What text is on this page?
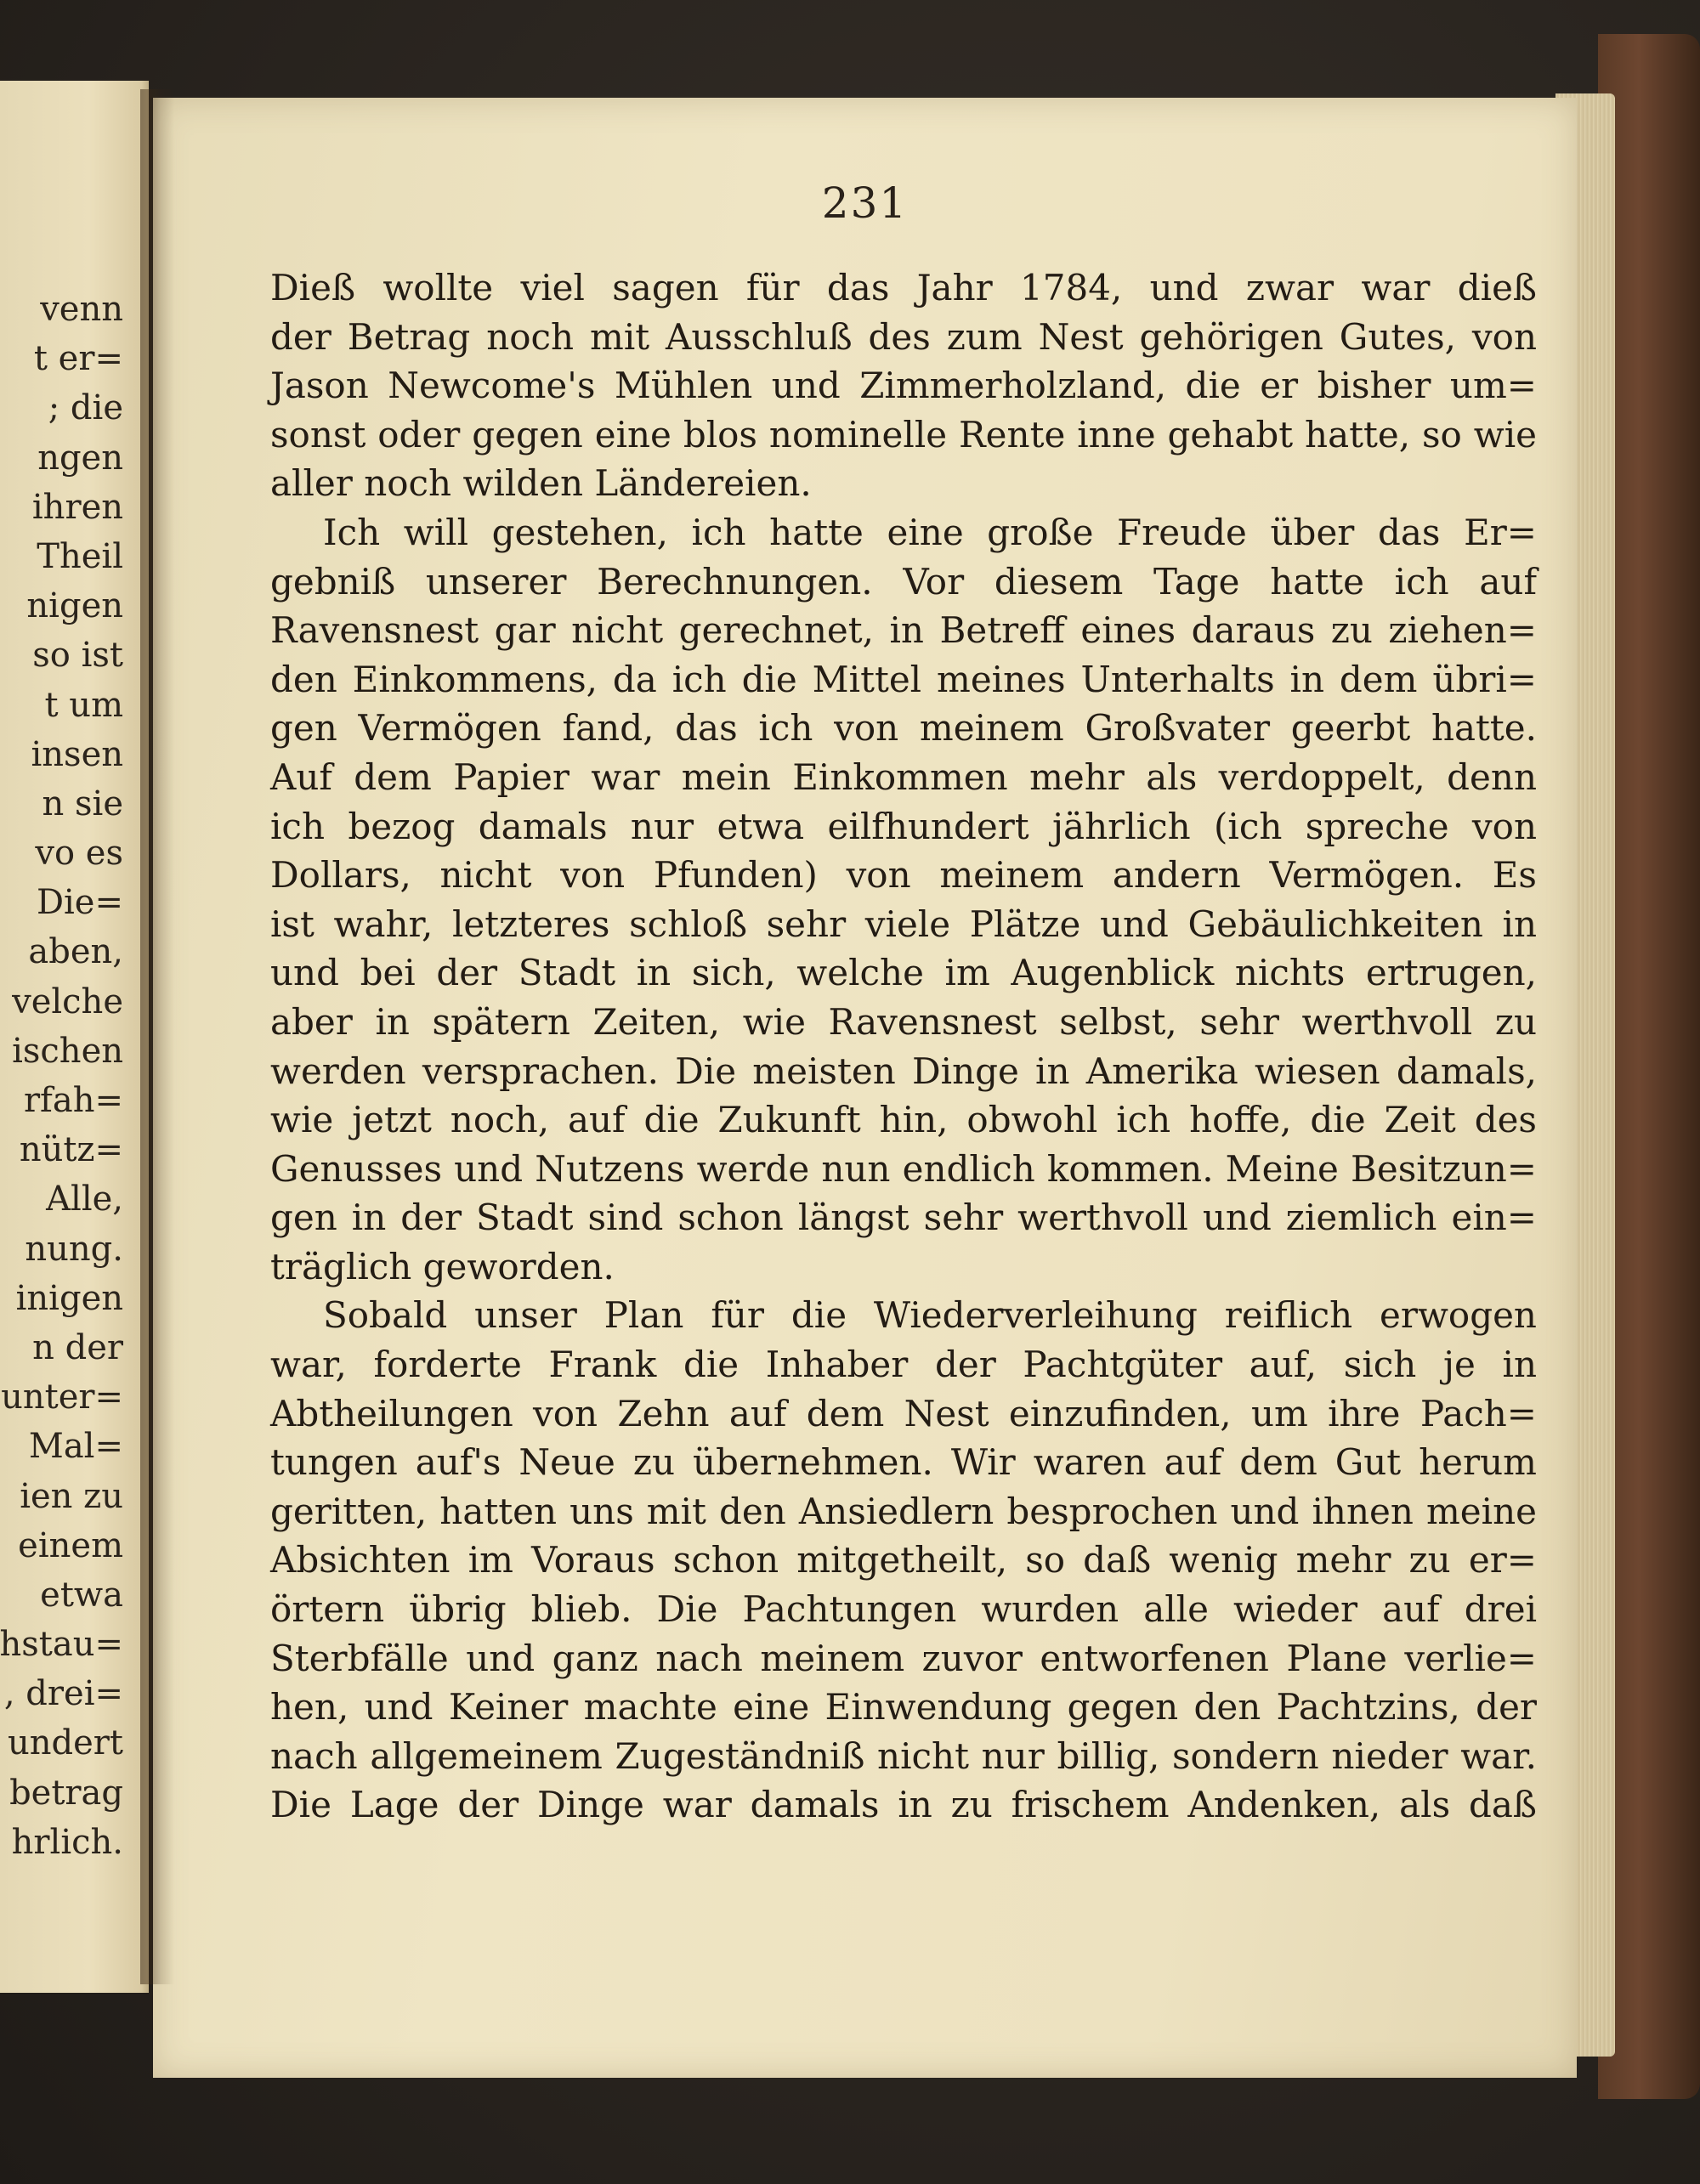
venn
t er=
; die
ngen
ihren
Theil
nigen
so ist
t um
insen
n sie
vo es
Die=
aben,
velche
ischen
rfah=
nütz=
Alle,
nung.
inigen
n der
unter=
Mal=
ien zu
einem
etwa
hstau=
, drei=
undert
betrag
hrlich.
231
Dieß wollte viel sagen für das Jahr 1784, und zwar war dieß
der Betrag noch mit Ausschluß des zum Nest gehörigen Gutes, von
Jason Newcome's Mühlen und Zimmerholzland, die er bisher um=
sonst oder gegen eine blos nominelle Rente inne gehabt hatte, so wie
aller noch wilden Ländereien.
Ich will gestehen, ich hatte eine große Freude über das Er=
gebniß unserer Berechnungen. Vor diesem Tage hatte ich auf
Ravensnest gar nicht gerechnet, in Betreff eines daraus zu ziehen=
den Einkommens, da ich die Mittel meines Unterhalts in dem übri=
gen Vermögen fand, das ich von meinem Großvater geerbt hatte.
Auf dem Papier war mein Einkommen mehr als verdoppelt, denn
ich bezog damals nur etwa eilfhundert jährlich (ich spreche von
Dollars, nicht von Pfunden) von meinem andern Vermögen. Es
ist wahr, letzteres schloß sehr viele Plätze und Gebäulichkeiten in
und bei der Stadt in sich, welche im Augenblick nichts ertrugen,
aber in spätern Zeiten, wie Ravensnest selbst, sehr werthvoll zu
werden versprachen. Die meisten Dinge in Amerika wiesen damals,
wie jetzt noch, auf die Zukunft hin, obwohl ich hoffe, die Zeit des
Genusses und Nutzens werde nun endlich kommen. Meine Besitzun=
gen in der Stadt sind schon längst sehr werthvoll und ziemlich ein=
träglich geworden.
Sobald unser Plan für die Wiederverleihung reiflich erwogen
war, forderte Frank die Inhaber der Pachtgüter auf, sich je in
Abtheilungen von Zehn auf dem Nest einzufinden, um ihre Pach=
tungen auf's Neue zu übernehmen. Wir waren auf dem Gut herum
geritten, hatten uns mit den Ansiedlern besprochen und ihnen meine
Absichten im Voraus schon mitgetheilt, so daß wenig mehr zu er=
örtern übrig blieb. Die Pachtungen wurden alle wieder auf drei
Sterbfälle und ganz nach meinem zuvor entworfenen Plane verlie=
hen, und Keiner machte eine Einwendung gegen den Pachtzins, der
nach allgemeinem Zugeständniß nicht nur billig, sondern nieder war.
Die Lage der Dinge war damals in zu frischem Andenken, als daß
